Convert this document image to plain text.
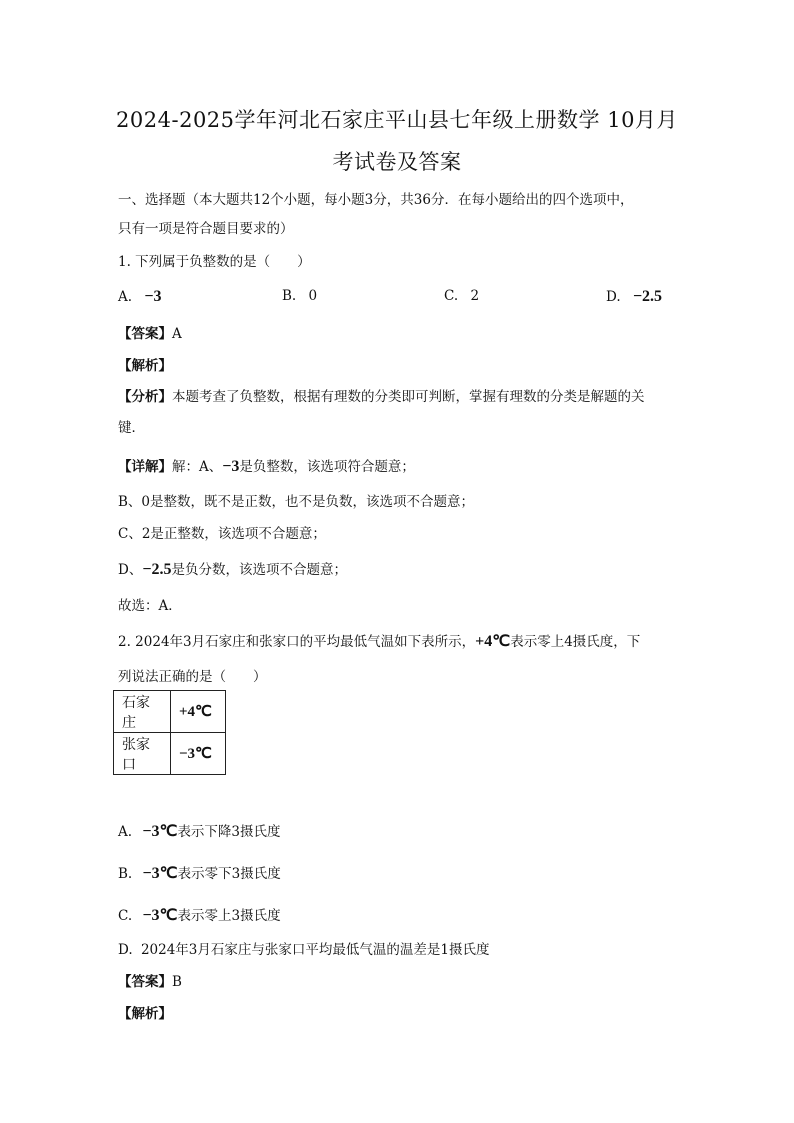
2024-2025学年河北石家庄平山县七年级上册数学 10月月
考试卷及答案
一、选择题（本大题共12个小题，每小题3分，共36分．在每小题给出的四个选项中，
只有一项是符合题目要求的）
1. 下列属于负整数的是（　　）
A. −3	B. 0	C. 2	D. −2.5
【答案】A
【解析】
【分析】本题考查了负整数，根据有理数的分类即可判断，掌握有理数的分类是解题的关
键．
【详解】解：A、−3是负整数，该选项符合题意；
B、0是整数，既不是正数，也不是负数，该选项不合题意；
C、2是正整数，该选项不合题意；
D、−2.5是负分数，该选项不合题意；
故选：A．
2. 2024年3月石家庄和张家口的平均最低气温如下表所示，+4℃表示零上4摄氏度，下
列说法正确的是（　　）
石家庄	+4℃
张家口	−3℃
A. −3℃表示下降3摄氏度
B. −3℃表示零下3摄氏度
C. −3℃表示零上3摄氏度
D. 2024年3月石家庄与张家口平均最低气温的温差是1摄氏度
【答案】B
【解析】
